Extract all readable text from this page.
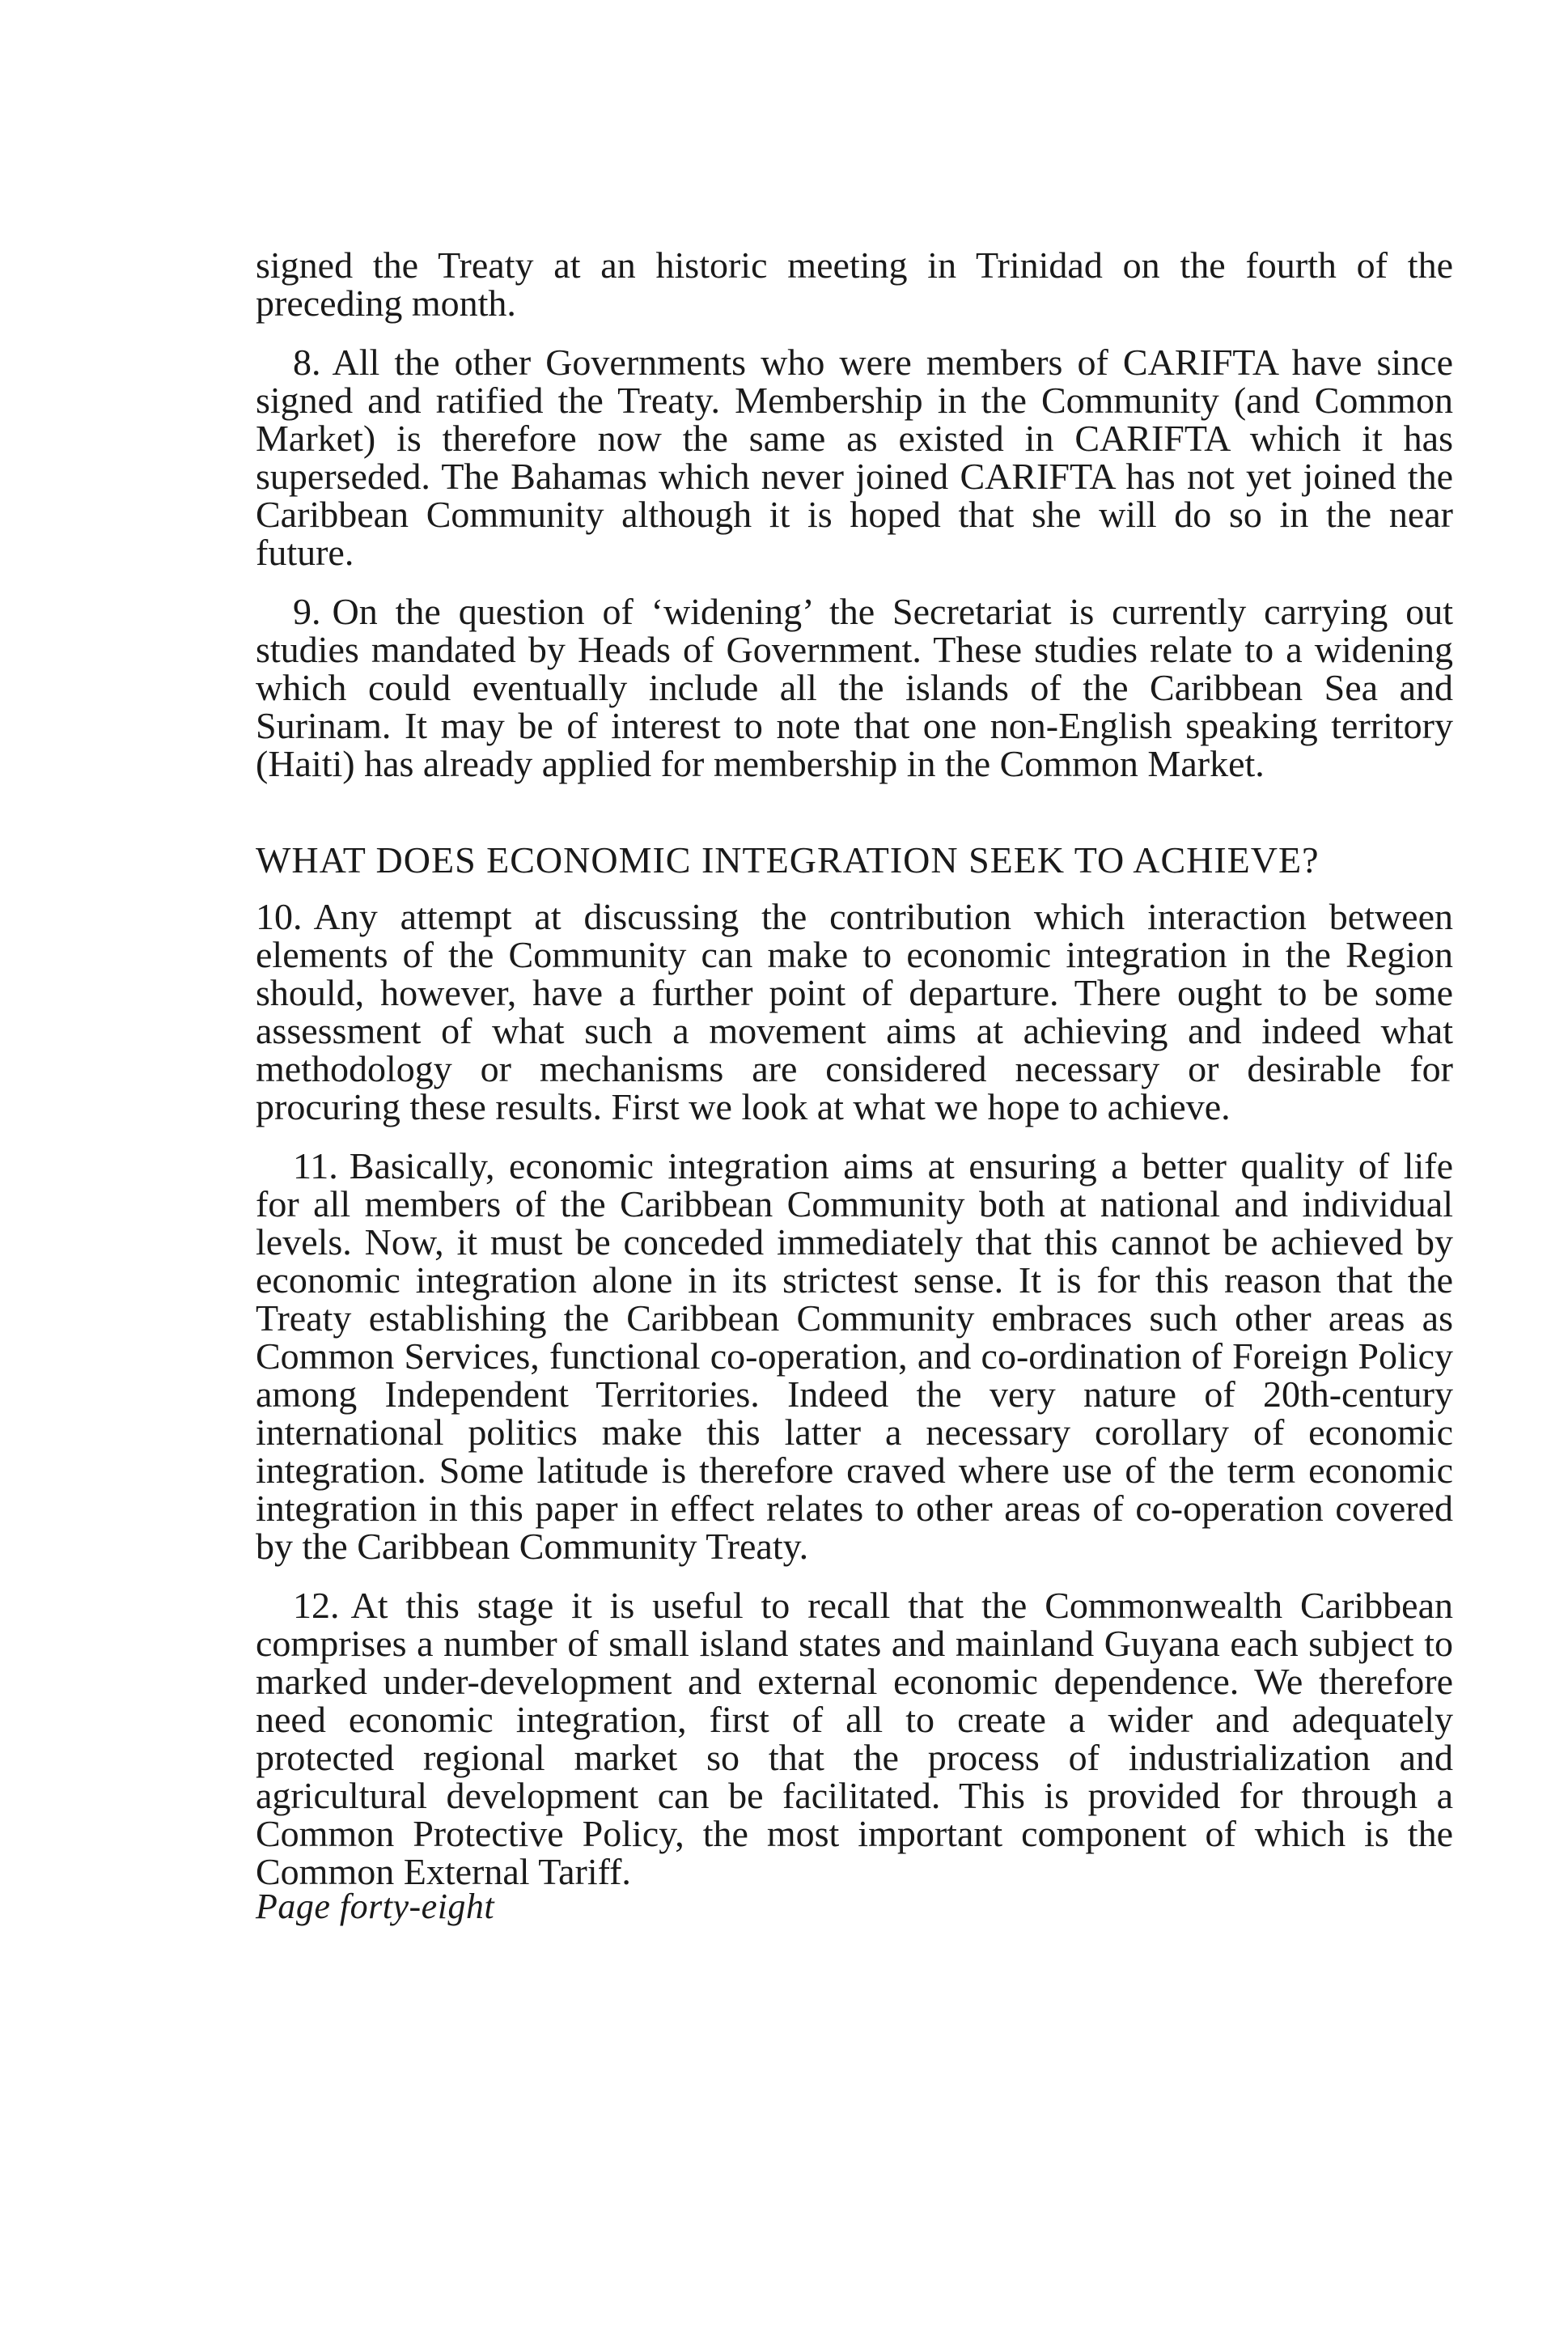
signed the Treaty at an historic meeting in Trinidad on the fourth of the preceding month.

8. All the other Governments who were members of CARIFTA have since signed and ratified the Treaty. Membership in the Community (and Common Market) is therefore now the same as existed in CARIFTA which it has superseded. The Bahamas which never joined CARIFTA has not yet joined the Caribbean Community although it is hoped that she will do so in the near future.

9. On the question of ‘widening’ the Secretariat is currently carrying out studies mandated by Heads of Government. These studies relate to a widening which could eventually include all the islands of the Caribbean Sea and Surinam. It may be of interest to note that one non-English speaking territory (Haiti) has already applied for membership in the Common Market.

WHAT DOES ECONOMIC INTEGRATION SEEK TO ACHIEVE?

10. Any attempt at discussing the contribution which interaction between elements of the Community can make to economic integration in the Region should, however, have a further point of departure. There ought to be some assessment of what such a movement aims at achieving and indeed what methodology or mechanisms are considered necessary or desirable for procuring these results. First we look at what we hope to achieve.

11. Basically, economic integration aims at ensuring a better quality of life for all members of the Caribbean Community both at national and individual levels. Now, it must be conceded immediately that this cannot be achieved by economic integration alone in its strictest sense. It is for this reason that the Treaty establishing the Caribbean Community embraces such other areas as Common Services, functional co-operation, and co-ordination of Foreign Policy among Independent Territories. Indeed the very nature of 20th-century international politics make this latter a necessary corollary of economic integration. Some latitude is therefore craved where use of the term economic integration in this paper in effect relates to other areas of co-operation covered by the Caribbean Community Treaty.

12. At this stage it is useful to recall that the Commonwealth Caribbean comprises a number of small island states and mainland Guyana each subject to marked under-development and external economic dependence. We therefore need economic integration, first of all to create a wider and adequately protected regional market so that the process of industrialization and agricultural development can be facilitated. This is provided for through a Common Protective Policy, the most important component of which is the Common External Tariff.

Page forty-eight
